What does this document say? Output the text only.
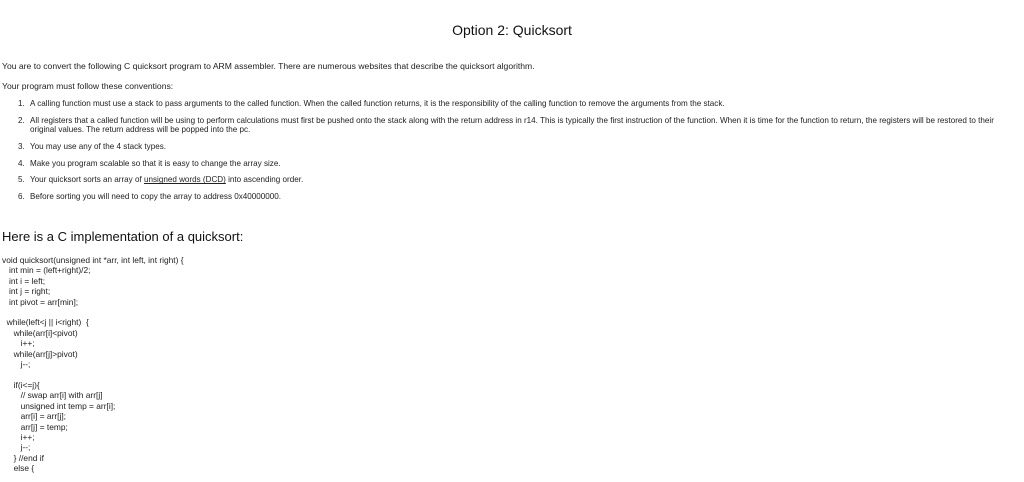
Option 2: Quicksort
You are to convert the following C quicksort program to ARM assembler. There are numerous websites that describe the quicksort algorithm.
Your program must follow these conventions:
1. A calling function must use a stack to pass arguments to the called function. When the called function returns, it is the responsibility of the calling function to remove the arguments from the stack.
2. All registers that a called function will be using to perform calculations must first be pushed onto the stack along with the return address in r14. This is typically the first instruction of the function. When it is time for the function to return, the registers will be restored to their original values. The return address will be popped into the pc.
3. You may use any of the 4 stack types.
4. Make you program scalable so that it is easy to change the array size.
5. Your quicksort sorts an array of unsigned words (DCD) into ascending order.
6. Before sorting you will need to copy the array to address 0x40000000.
Here is a C implementation of a quicksort:
void quicksort(unsigned int *arr, int left, int right) {
int min = (left+right)/2;
int i = left;
int j = right;
int pivot = arr[min];

while(left<j || i<right)  {
while(arr[i]<pivot)
i++;
while(arr[j]>pivot)
j--;

if(i<=j){
// swap arr[i] with arr[j]
unsigned int temp = arr[i];
arr[i] = arr[j];
arr[j] = temp;
i++;
j--;
} //end if
else {
